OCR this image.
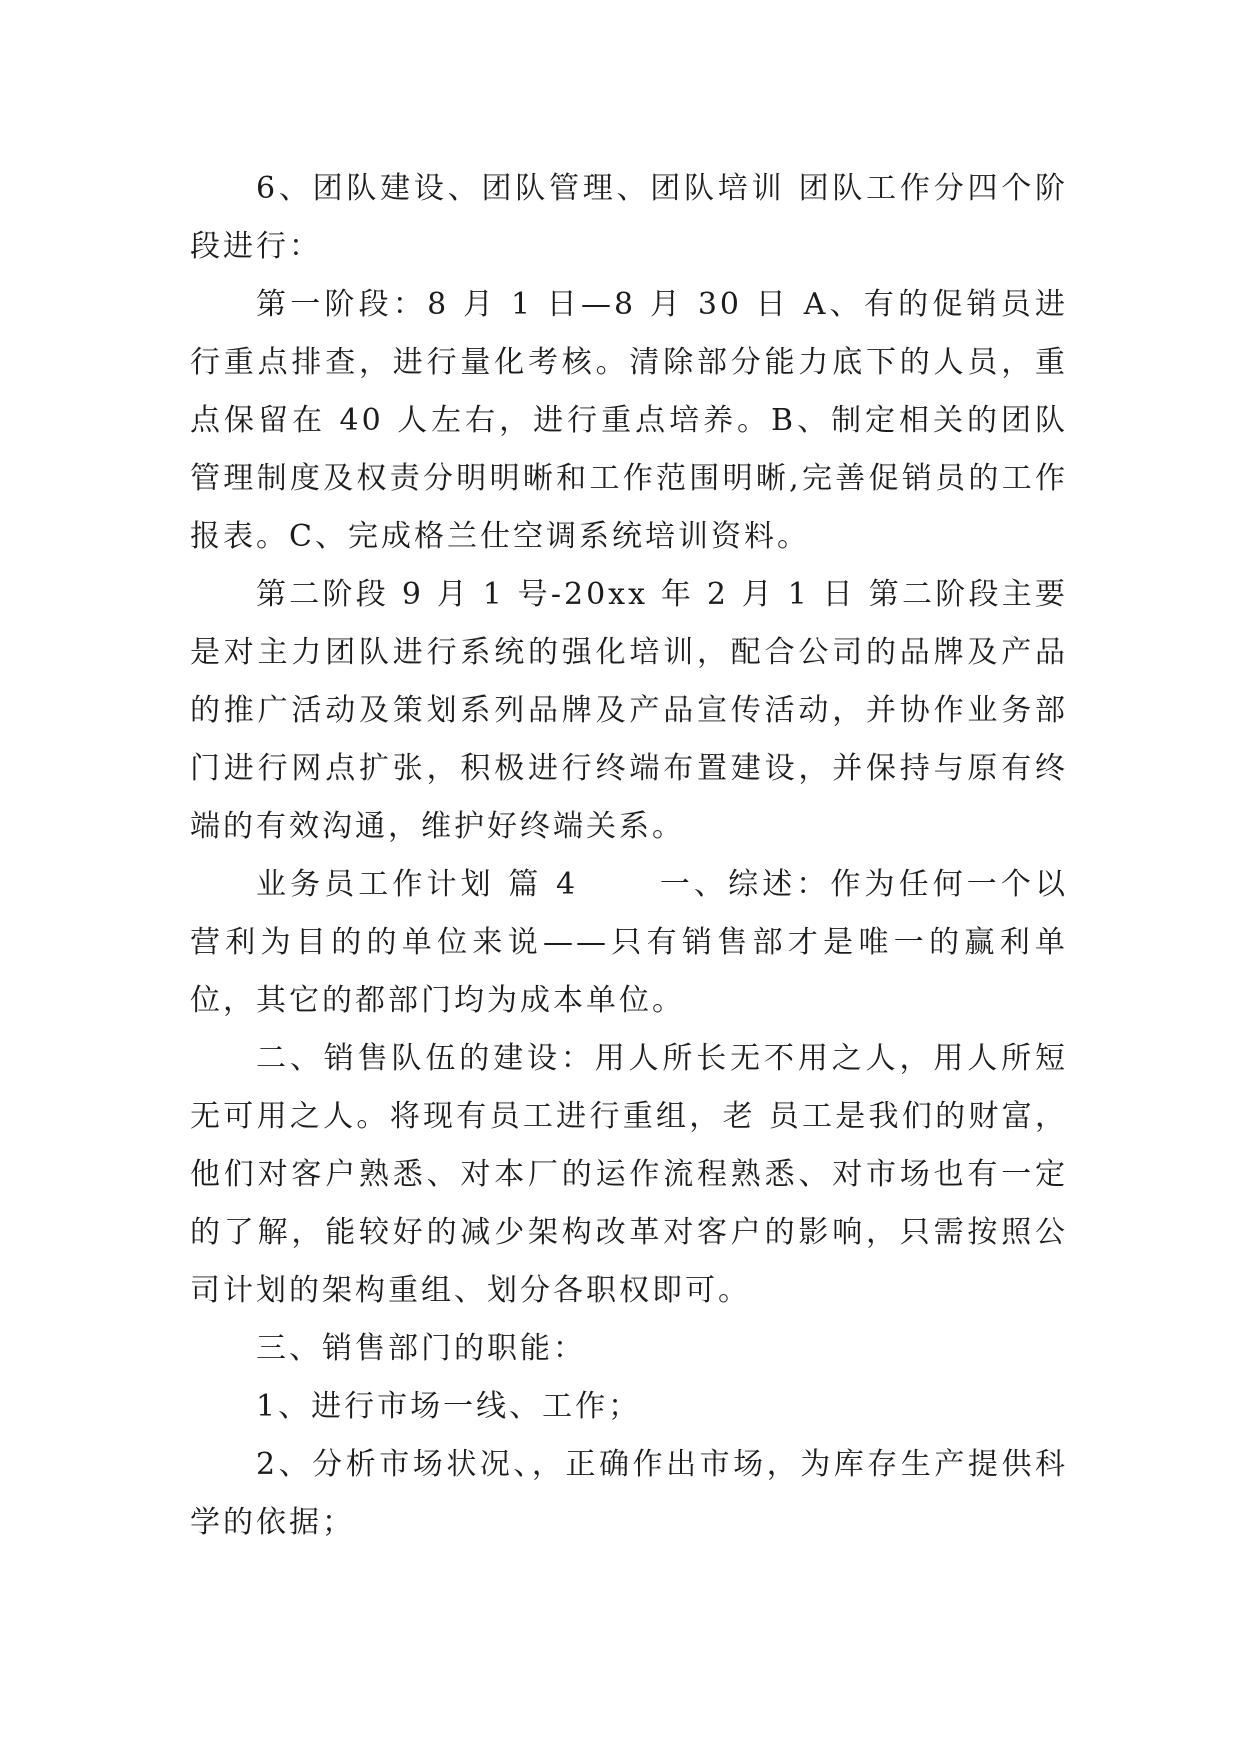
6、团队建设、团队管理、团队培训 团队工作分四个阶段进行：

第一阶段：8 月 1 日—8 月 30 日 A、有的促销员进行重点排查，进行量化考核。清除部分能力底下的人员，重点保留在 40 人左右，进行重点培养。B、制定相关的团队管理制度及权责分明明晰和工作范围明晰,完善促销员的工作报表。C、完成格兰仕空调系统培训资料。

第二阶段 9 月 1 号-20xx 年 2 月 1 日 第二阶段主要是对主力团队进行系统的强化培训，配合公司的品牌及产品的推广活动及策划系列品牌及产品宣传活动，并协作业务部门进行网点扩张，积极进行终端布置建设，并保持与原有终端的有效沟通，维护好终端关系。

业务员工作计划 篇 4      一、综述：作为任何一个以营利为目的的单位来说——只有销售部才是唯一的赢利单位，其它的都部门均为成本单位。

二、销售队伍的建设：用人所长无不用之人，用人所短无可用之人。将现有员工进行重组，老 员工是我们的财富，他们对客户熟悉、对本厂的运作流程熟悉、对市场也有一定的了解，能较好的减少架构改革对客户的影响，只需按照公司计划的架构重组、划分各职权即可。

三、销售部门的职能：

1、进行市场一线、工作；

2、分析市场状况、，正确作出市场，为库存生产提供科学的依据；
